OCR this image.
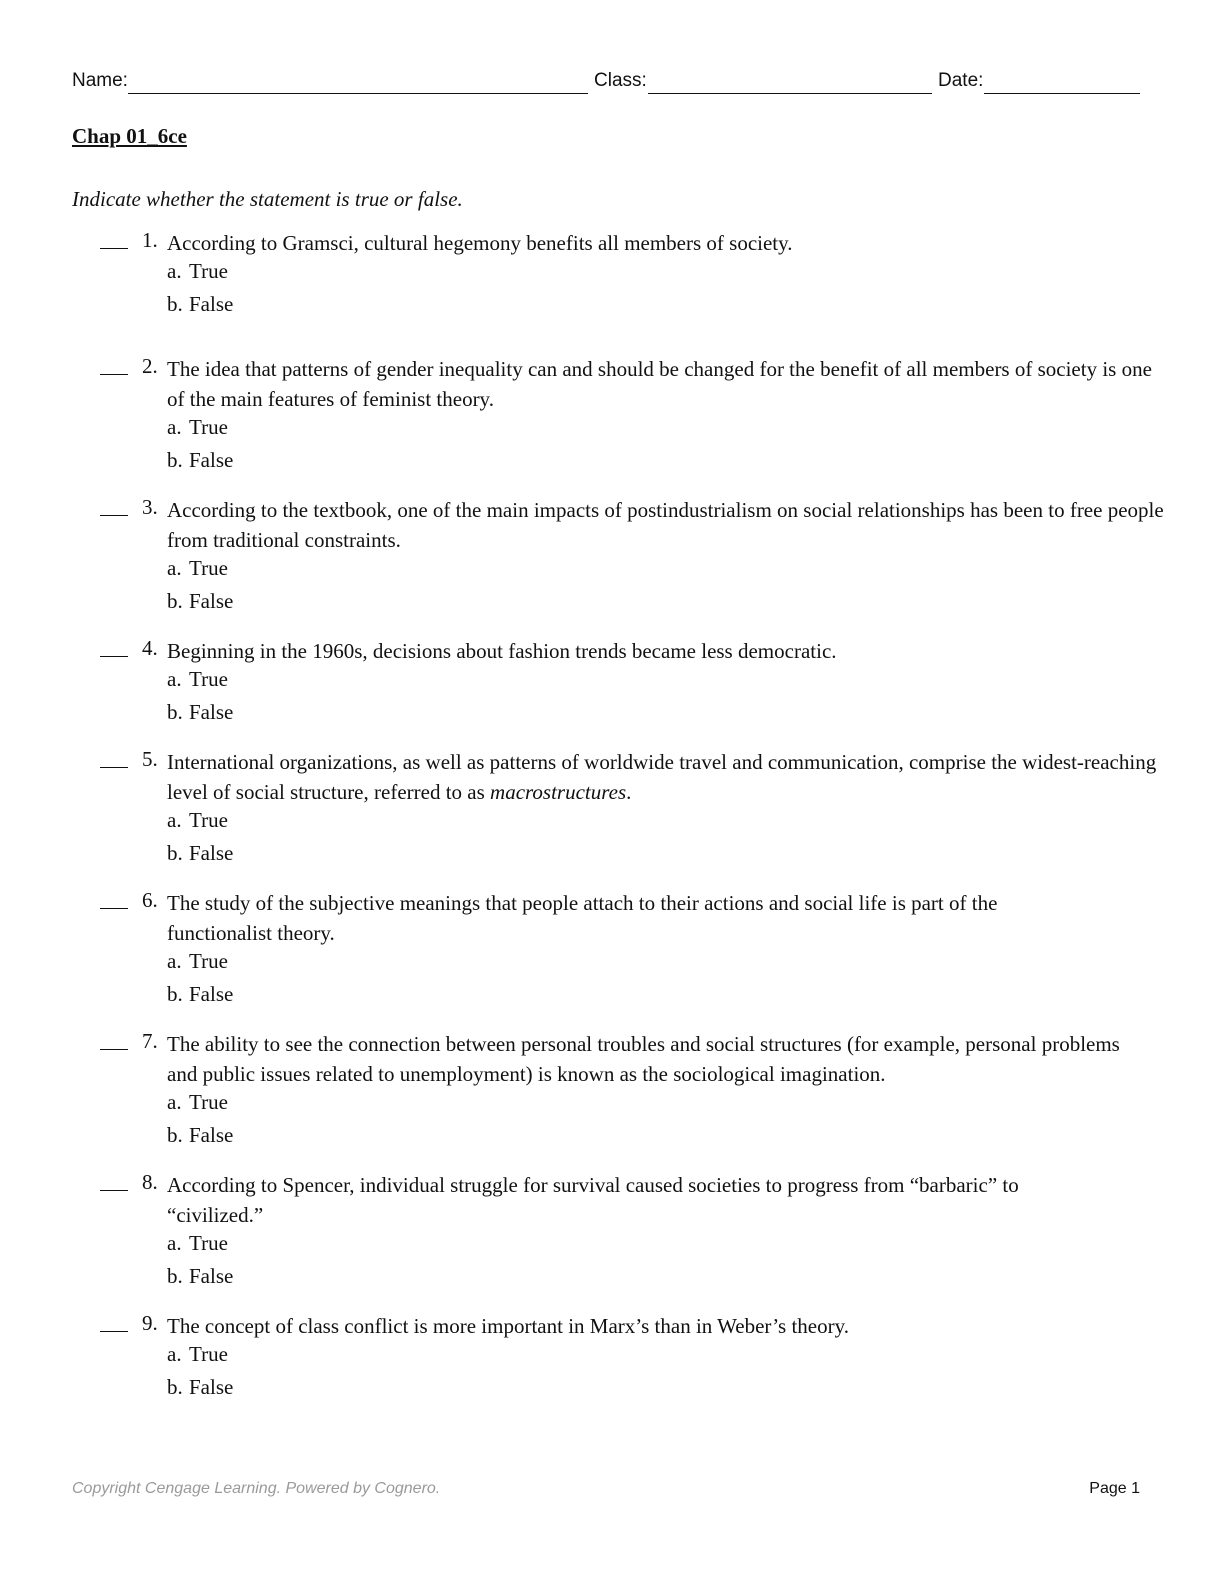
Name:	Class:	Date:
Chap 01_6ce
Indicate whether the statement is true or false.
1. According to Gramsci, cultural hegemony benefits all members of society.
a. True
b. False
2. The idea that patterns of gender inequality can and should be changed for the benefit of all members of society is one of the main features of feminist theory.
a. True
b. False
3. According to the textbook, one of the main impacts of postindustrialism on social relationships has been to free people from traditional constraints.
a. True
b. False
4. Beginning in the 1960s, decisions about fashion trends became less democratic.
a. True
b. False
5. International organizations, as well as patterns of worldwide travel and communication, comprise the widest-reaching level of social structure, referred to as macrostructures.
a. True
b. False
6. The study of the subjective meanings that people attach to their actions and social life is part of the functionalist theory.
a. True
b. False
7. The ability to see the connection between personal troubles and social structures (for example, personal problems and public issues related to unemployment) is known as the sociological imagination.
a. True
b. False
8. According to Spencer, individual struggle for survival caused societies to progress from “barbaric” to “civilized.”
a. True
b. False
9. The concept of class conflict is more important in Marx’s than in Weber’s theory.
a. True
b. False
Copyright Cengage Learning. Powered by Cognero.	Page 1
